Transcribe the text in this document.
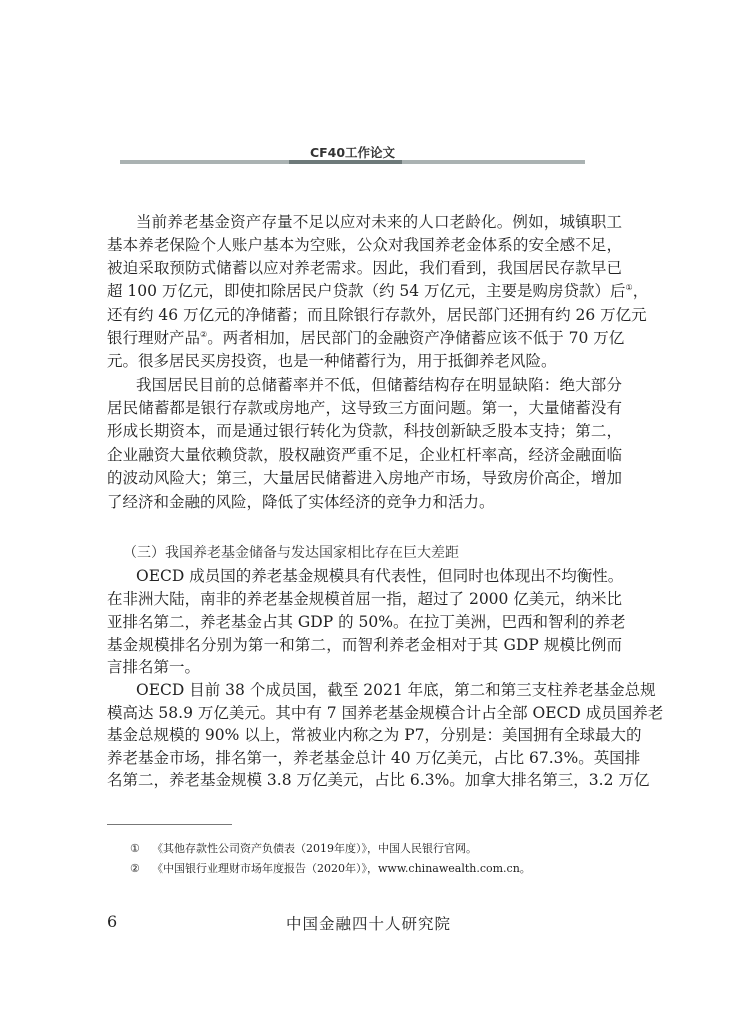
CF40工作论文
当前养老基金资产存量不足以应对未来的人口老龄化。例如，城镇职工
基本养老保险个人账户基本为空账，公众对我国养老金体系的安全感不足，
被迫采取预防式储蓄以应对养老需求。因此，我们看到，我国居民存款早已
超 100 万亿元，即使扣除居民户贷款（约 54 万亿元，主要是购房贷款）后①，
还有约 46 万亿元的净储蓄；而且除银行存款外，居民部门还拥有约 26 万亿元
银行理财产品②。两者相加，居民部门的金融资产净储蓄应该不低于 70 万亿
元。很多居民买房投资，也是一种储蓄行为，用于抵御养老风险。
我国居民目前的总储蓄率并不低，但储蓄结构存在明显缺陷：绝大部分
居民储蓄都是银行存款或房地产，这导致三方面问题。第一，大量储蓄没有
形成长期资本，而是通过银行转化为贷款，科技创新缺乏股本支持；第二，
企业融资大量依赖贷款，股权融资严重不足，企业杠杆率高，经济金融面临
的波动风险大；第三，大量居民储蓄进入房地产市场，导致房价高企，增加
了经济和金融的风险，降低了实体经济的竞争力和活力。
（三）我国养老基金储备与发达国家相比存在巨大差距
OECD 成员国的养老基金规模具有代表性，但同时也体现出不均衡性。
在非洲大陆，南非的养老基金规模首屈一指，超过了 2000 亿美元，纳米比
亚排名第二，养老基金占其 GDP 的 50%。在拉丁美洲，巴西和智利的养老
基金规模排名分别为第一和第二，而智利养老金相对于其 GDP 规模比例而
言排名第一。
OECD 目前 38 个成员国，截至 2021 年底，第二和第三支柱养老基金总规
模高达 58.9 万亿美元。其中有 7 国养老基金规模合计占全部 OECD 成员国养老
基金总规模的 90% 以上，常被业内称之为 P7，分别是：美国拥有全球最大的
养老基金市场，排名第一，养老基金总计 40 万亿美元，占比 67.3%。英国排
名第二，养老基金规模 3.8 万亿美元，占比 6.3%。加拿大排名第三，3.2 万亿
① 《其他存款性公司资产负债表（2019年度）》，中国人民银行官网。
② 《中国银行业理财市场年度报告（2020年）》，www.chinawealth.com.cn。
6	中国金融四十人研究院
